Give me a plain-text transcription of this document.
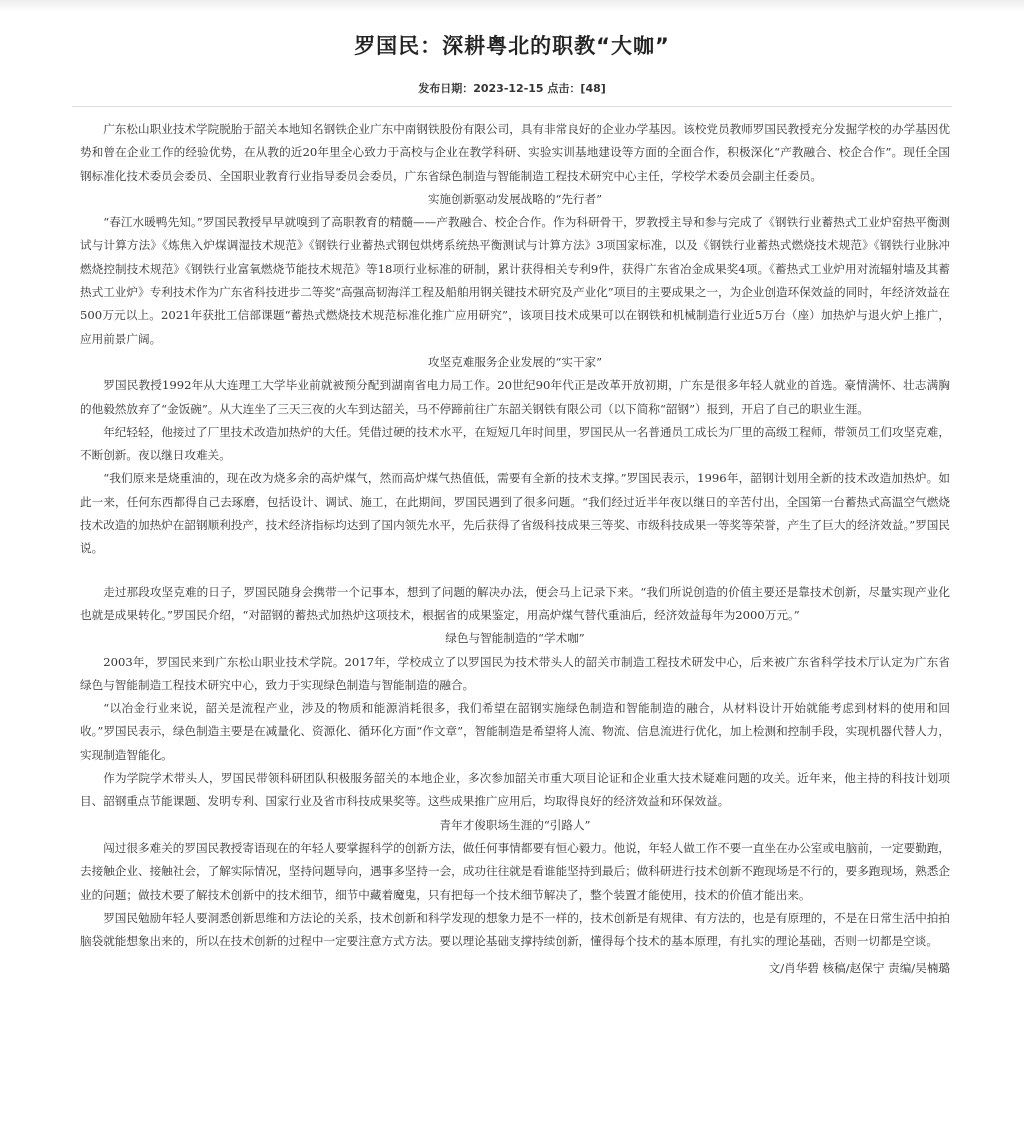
罗国民：深耕粤北的职教“大咖”
发布日期：2023-12-15 点击：[48]

广东松山职业技术学院脱胎于韶关本地知名钢铁企业广东中南钢铁股份有限公司，具有非常良好的企业办学基因。该校党员教师罗国民教授充分发掘学校的办学基因优势和曾在企业工作的经验优势，在从教的近20年里全心致力于高校与企业在教学科研、实验实训基地建设等方面的全面合作，积极深化“产教融合、校企合作”。现任全国钢标准化技术委员会委员、全国职业教育行业指导委员会委员，广东省绿色制造与智能制造工程技术研究中心主任，学校学术委员会副主任委员。

实施创新驱动发展战略的“先行者”

“春江水暖鸭先知。”罗国民教授早早就嗅到了高职教育的精髓——产教融合、校企合作。作为科研骨干，罗教授主导和参与完成了《钢铁行业蓄热式工业炉窑热平衡测试与计算方法》《炼焦入炉煤调湿技术规范》《钢铁行业蓄热式钢包烘烤系统热平衡测试与计算方法》3项国家标准，以及《钢铁行业蓄热式燃烧技术规范》《钢铁行业脉冲燃烧控制技术规范》《钢铁行业富氧燃烧节能技术规范》等18项行业标准的研制，累计获得相关专利9件，获得广东省冶金成果奖4项。《蓄热式工业炉用对流辐射墙及其蓄热式工业炉》专利技术作为广东省科技进步二等奖“高强高韧海洋工程及船舶用钢关键技术研究及产业化”项目的主要成果之一，为企业创造环保效益的同时，年经济效益在500万元以上。2021年获批工信部课题“蓄热式燃烧技术规范标准化推广应用研究”，该项目技术成果可以在钢铁和机械制造行业近5万台（座）加热炉与退火炉上推广，应用前景广阔。

攻坚克难服务企业发展的“实干家”

罗国民教授1992年从大连理工大学毕业前就被预分配到湖南省电力局工作。20世纪90年代正是改革开放初期，广东是很多年轻人就业的首选。豪情满怀、壮志满胸的他毅然放弃了“金饭碗”。从大连坐了三天三夜的火车到达韶关，马不停蹄前往广东韶关钢铁有限公司（以下简称“韶钢”）报到，开启了自己的职业生涯。

年纪轻轻，他接过了厂里技术改造加热炉的大任。凭借过硬的技术水平，在短短几年时间里，罗国民从一名普通员工成长为厂里的高级工程师，带领员工们攻坚克难，不断创新。夜以继日攻难关。

“我们原来是烧重油的，现在改为烧多余的高炉煤气，然而高炉煤气热值低，需要有全新的技术支撑。”罗国民表示，1996年，韶钢计划用全新的技术改造加热炉。如此一来，任何东西都得自己去琢磨，包括设计、调试、施工，在此期间，罗国民遇到了很多问题。“我们经过近半年夜以继日的辛苦付出，全国第一台蓄热式高温空气燃烧技术改造的加热炉在韶钢顺利投产，技术经济指标均达到了国内领先水平，先后获得了省级科技成果三等奖、市级科技成果一等奖等荣誉，产生了巨大的经济效益。”罗国民说。

走过那段攻坚克难的日子，罗国民随身会携带一个记事本，想到了问题的解决办法，便会马上记录下来。“我们所说创造的价值主要还是靠技术创新，尽量实现产业化也就是成果转化。”罗国民介绍，“对韶钢的蓄热式加热炉这项技术，根据省的成果鉴定，用高炉煤气替代重油后，经济效益每年为2000万元。”

绿色与智能制造的“学术咖”

2003年，罗国民来到广东松山职业技术学院。2017年，学校成立了以罗国民为技术带头人的韶关市制造工程技术研发中心，后来被广东省科学技术厅认定为广东省绿色与智能制造工程技术研究中心，致力于实现绿色制造与智能制造的融合。

“以冶金行业来说，韶关是流程产业，涉及的物质和能源消耗很多，我们希望在韶钢实施绿色制造和智能制造的融合，从材料设计开始就能考虑到材料的使用和回收。”罗国民表示，绿色制造主要是在减量化、资源化、循环化方面“作文章”，智能制造是希望将人流、物流、信息流进行优化，加上检测和控制手段，实现机器代替人力，实现制造智能化。

作为学院学术带头人，罗国民带领科研团队积极服务韶关的本地企业，多次参加韶关市重大项目论证和企业重大技术疑难问题的攻关。近年来，他主持的科技计划项目、韶钢重点节能课题、发明专利、国家行业及省市科技成果奖等。这些成果推广应用后，均取得良好的经济效益和环保效益。

青年才俊职场生涯的“引路人”

闯过很多难关的罗国民教授寄语现在的年轻人要掌握科学的创新方法，做任何事情都要有恒心毅力。他说，年轻人做工作不要一直坐在办公室或电脑前，一定要勤跑，去接触企业、接触社会，了解实际情况，坚持问题导向，遇事多坚持一会，成功往往就是看谁能坚持到最后；做科研进行技术创新不跑现场是不行的，要多跑现场，熟悉企业的问题；做技术要了解技术创新中的技术细节，细节中藏着魔鬼，只有把每一个技术细节解决了，整个装置才能使用，技术的价值才能出来。

罗国民勉励年轻人要洞悉创新思维和方法论的关系，技术创新和科学发现的想象力是不一样的，技术创新是有规律、有方法的，也是有原理的，不是在日常生活中拍拍脑袋就能想象出来的，所以在技术创新的过程中一定要注意方式方法。要以理论基础支撑持续创新，懂得每个技术的基本原理，有扎实的理论基础，否则一切都是空谈。

文/肖华碧 核稿/赵保宁 责编/吴楠璐
